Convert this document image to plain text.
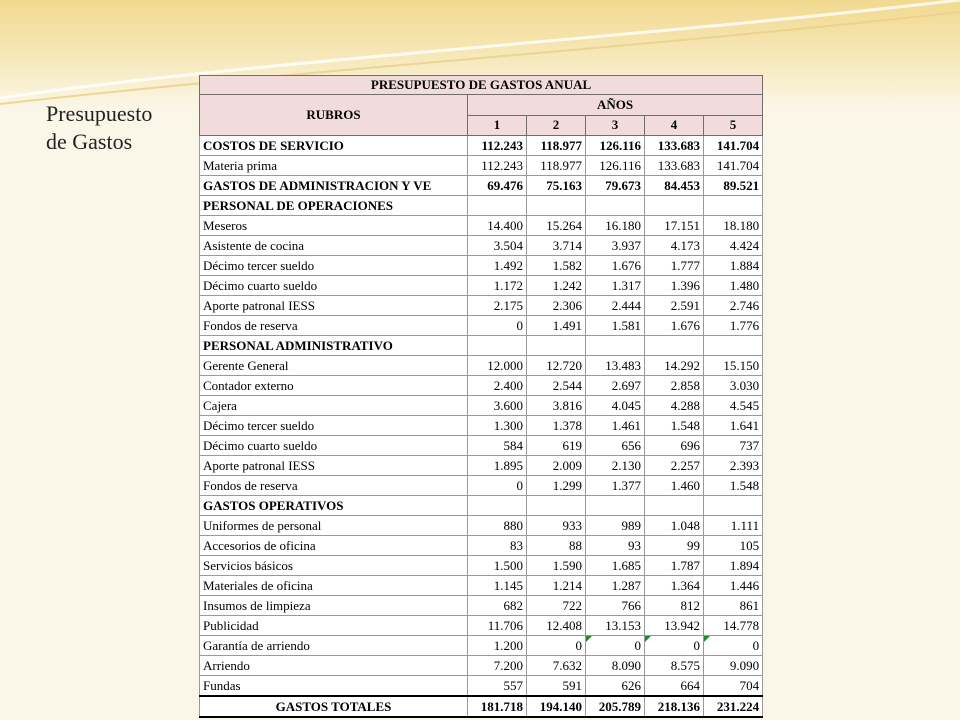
Presupuesto
de Gastos
PRESUPUESTO DE GASTOS ANUAL					
RUBROS	AÑOS				
	1	2	3	4	5
COSTOS DE SERVICIO	112.243	118.977	126.116	133.683	141.704
Materia prima	112.243	118.977	126.116	133.683	141.704
GASTOS DE ADMINISTRACION Y VE	69.476	75.163	79.673	84.453	89.521
PERSONAL DE OPERACIONES					
Meseros	14.400	15.264	16.180	17.151	18.180
Asistente de cocina	3.504	3.714	3.937	4.173	4.424
Décimo tercer sueldo	1.492	1.582	1.676	1.777	1.884
Décimo cuarto sueldo	1.172	1.242	1.317	1.396	1.480
Aporte patronal IESS	2.175	2.306	2.444	2.591	2.746
Fondos de reserva	0	1.491	1.581	1.676	1.776
PERSONAL ADMINISTRATIVO					
Gerente General	12.000	12.720	13.483	14.292	15.150
Contador externo	2.400	2.544	2.697	2.858	3.030
Cajera	3.600	3.816	4.045	4.288	4.545
Décimo tercer sueldo	1.300	1.378	1.461	1.548	1.641
Décimo cuarto sueldo	584	619	656	696	737
Aporte patronal IESS	1.895	2.009	2.130	2.257	2.393
Fondos de reserva	0	1.299	1.377	1.460	1.548
GASTOS OPERATIVOS					
Uniformes de personal	880	933	989	1.048	1.111
Accesorios de oficina	83	88	93	99	105
Servicios básicos	1.500	1.590	1.685	1.787	1.894
Materiales de oficina	1.145	1.214	1.287	1.364	1.446
Insumos de limpieza	682	722	766	812	861
Publicidad	11.706	12.408	13.153	13.942	14.778
Garantía de arriendo	1.200	0	0	0	0

Arriendo	7.200	7.632	8.090	8.575	9.090
Fundas	557	591	626	664	704
GASTOS TOTALES	181.718	194.140	205.789	218.136	231.224
